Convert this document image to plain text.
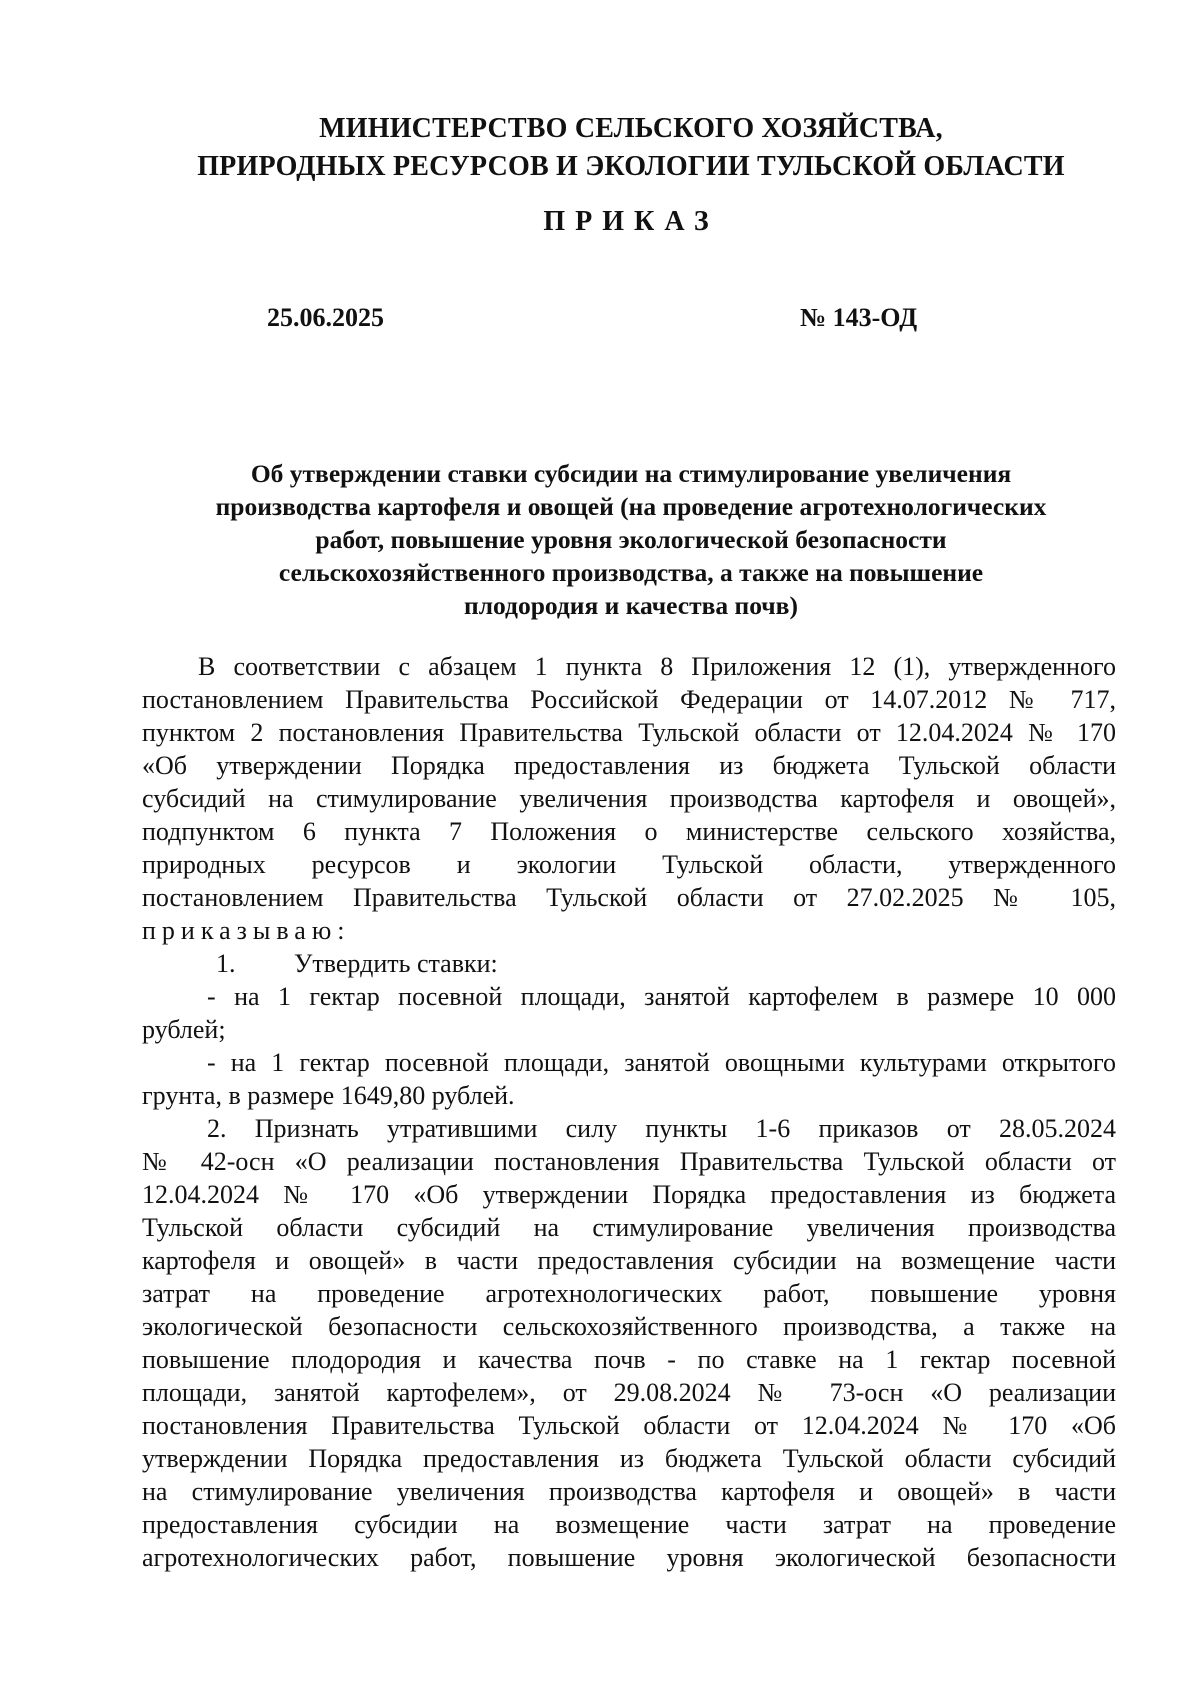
МИНИСТЕРСТВО СЕЛЬСКОГО ХОЗЯЙСТВА,
ПРИРОДНЫХ РЕСУРСОВ И ЭКОЛОГИИ ТУЛЬСКОЙ ОБЛАСТИ
ПРИКАЗ
25.06.2025	№ 143-ОД
Об утверждении ставки субсидии на стимулирование увеличения
производства картофеля и овощей (на проведение агротехнологических
работ, повышение уровня экологической безопасности
сельскохозяйственного производства, а также на повышение
плодородия и качества почв)
В соответствии с абзацем 1 пункта 8 Приложения 12 (1), утвержденного
постановлением Правительства Российской Федерации от 14.07.2012 № 717,
пунктом 2 постановления Правительства Тульской области от 12.04.2024 № 170
«Об утверждении Порядка предоставления из бюджета Тульской области
субсидий на стимулирование увеличения производства картофеля и овощей»,
подпунктом 6 пункта 7 Положения о министерстве сельского хозяйства,
природных ресурсов и экологии Тульской области, утвержденного
постановлением Правительства Тульской области от 27.02.2025 № 105,
приказываю:
1. Утвердить ставки:
- на 1 гектар посевной площади, занятой картофелем в размере 10 000
рублей;
- на 1 гектар посевной площади, занятой овощными культурами открытого
грунта, в размере 1649,80 рублей.
2. Признать утратившими силу пункты 1-6 приказов от 28.05.2024
№ 42-осн «О реализации постановления Правительства Тульской области от
12.04.2024 № 170 «Об утверждении Порядка предоставления из бюджета
Тульской области субсидий на стимулирование увеличения производства
картофеля и овощей» в части предоставления субсидии на возмещение части
затрат на проведение агротехнологических работ, повышение уровня
экологической безопасности сельскохозяйственного производства, а также на
повышение плодородия и качества почв - по ставке на 1 гектар посевной
площади, занятой картофелем», от 29.08.2024 № 73-осн «О реализации
постановления Правительства Тульской области от 12.04.2024 № 170 «Об
утверждении Порядка предоставления из бюджета Тульской области субсидий
на стимулирование увеличения производства картофеля и овощей» в части
предоставления субсидии на возмещение части затрат на проведение
агротехнологических работ, повышение уровня экологической безопасности
